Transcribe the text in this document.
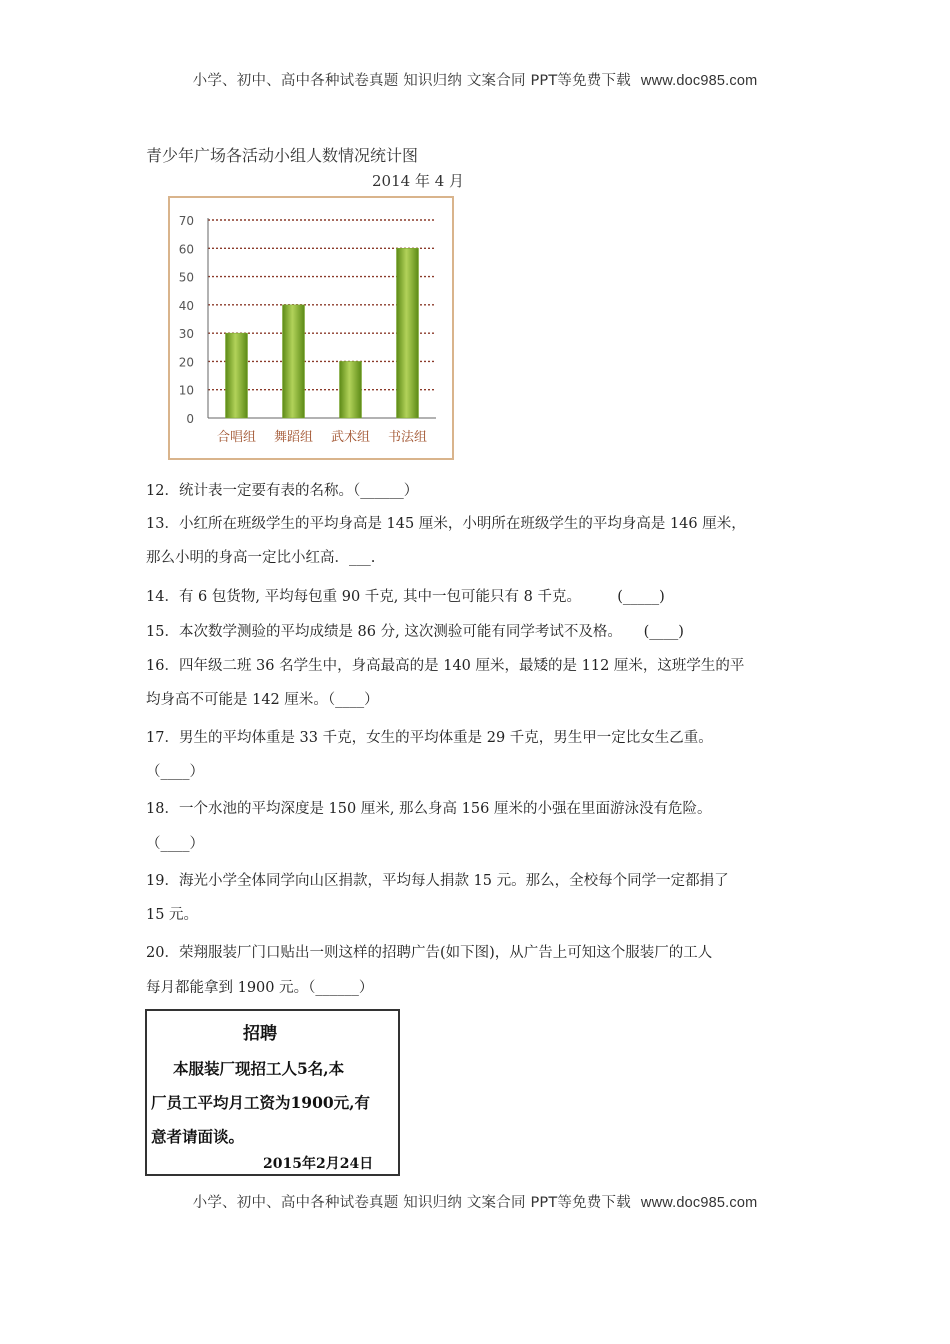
小学、初中、高中各种试卷真题 知识归纳 文案合同 PPT等免费下载 www.doc985.com
青少年广场各活动小组人数情况统计图
2014 年 4 月
0
10
20
30
40
50
60
70
合唱组 舞蹈组 武术组 书法组
12．统计表一定要有表的名称。（______）
13．小红所在班级学生的平均身高是 145 厘米，小明所在班级学生的平均身高是 146 厘米，
那么小明的身高一定比小红高．___.
14．有 6 包货物, 平均每包重 90 千克, 其中一包可能只有 8 千克。　　　(_____)
15．本次数学测验的平均成绩是 86 分, 这次测验可能有同学考试不及格。　　(____)
16．四年级二班 36 名学生中，身高最高的是 140 厘米，最矮的是 112 厘米，这班学生的平
均身高不可能是 142 厘米。（____）
17．男生的平均体重是 33 千克，女生的平均体重是 29 千克，男生甲一定比女生乙重。
（____）
18．一个水池的平均深度是 150 厘米, 那么身高 156 厘米的小强在里面游泳没有危险。
（____）
19．海光小学全体同学向山区捐款，平均每人捐款 15 元。那么，全校每个同学一定都捐了
15 元。
20．荣翔服装厂门口贴出一则这样的招聘广告(如下图)，从广告上可知这个服装厂的工人
每月都能拿到 1900 元。（______）
招聘
本服装厂现招工人5名,本
厂员工平均月工资为1900元,有
意者请面谈。
2015年2月24日
小学、初中、高中各种试卷真题 知识归纳 文案合同 PPT等免费下载 www.doc985.com
